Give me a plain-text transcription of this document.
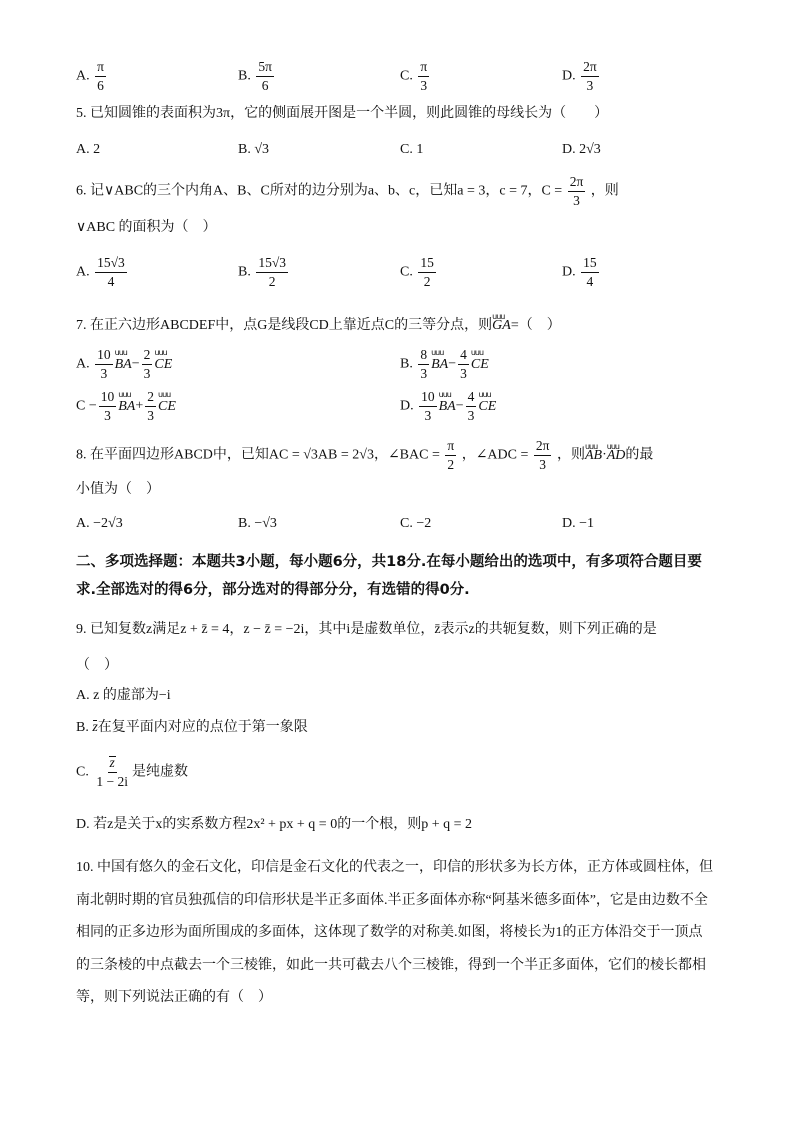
A. $\frac{\pi}{6}$	B. $\frac{5\pi}{6}$	C. $\frac{\pi}{3}$	D. $\frac{2\pi}{3}$
5. 已知圆锥的表面积为3π，它的侧面展开图是一个半圆，则此圆锥的母线长为（　　）
A. 2	B. √3	C. 1	D. 2√3
6. 记∨ABC的三个内角A、B、C所对的边分别为a、b、c，已知a = 3，c = 7，$C = \frac{2\pi}{3}$ ，则
∨ABC 的面积为（　）
A. $\frac{15√3}{4}$	B. $\frac{15√3}{2}$	C. $\frac{15}{2}$	D. $\frac{15}{4}$
7. 在正六边形ABCDEF中，点G是线段CD上靠近点C的三等分点，则uuu GA=（　）
A. $\frac{10}{3}$ uuu $BA- \frac{2}{3}$ uuu CE	B. $\frac{8}{3}$ uuu $BA- \frac{4}{3}$ uuu CE
$C - \frac{10}{3}$ uuu $BA+ \frac{2}{3}$ uuu CE	D. $\frac{10}{3}$ uuu $BA- \frac{4}{3}$ uuu CE
8. 在平面四边形ABCD中，已知AC = √3AB = 2√3，∠BAC = $\frac{\pi}{2}$ ，∠ADC = $\frac{2\pi}{3}$ ，则uuu AB·uuu AD的最
小值为（　）
A. −2√3	B. −√3	C. −2	D. −1
二、多项选择题：本题共3小题，每小题6分，共18分.在每小题给出的选项中，有多项符合题目要求.全部选对的得6分，部分选对的得部分分，有选错的得0分.
9. 已知复数z满足z + z̄ = 4，z − z̄ = −2i，其中i是虚数单位，z̄表示z的共轭复数，则下列正确的是
（　）
A. z 的虚部为−i
B. z在复平面内对应的点位于第一象限
C. $\frac{z}{1 - 2i}$ 是纯虚数
D. 若z是关于x的实系数方程2x² + px + q = 0的一个根，则p + q = 2
10. 中国有悠久的金石文化，印信是金石文化的代表之一，印信的形状多为长方体，正方体或圆柱体，但南北朝时期的官员独孤信的印信形状是半正多面体.半正多面体亦称“阿基米德多面体”，它是由边数不全相同的正多边形为面所围成的多面体，这体现了数学的对称美.如图，将棱长为1的正方体沿交于一顶点的三条棱的中点截去一个三棱锥，如此一共可截去八个三棱锥，得到一个半正多面体，它们的棱长都相等，则下列说法正确的有（　）
